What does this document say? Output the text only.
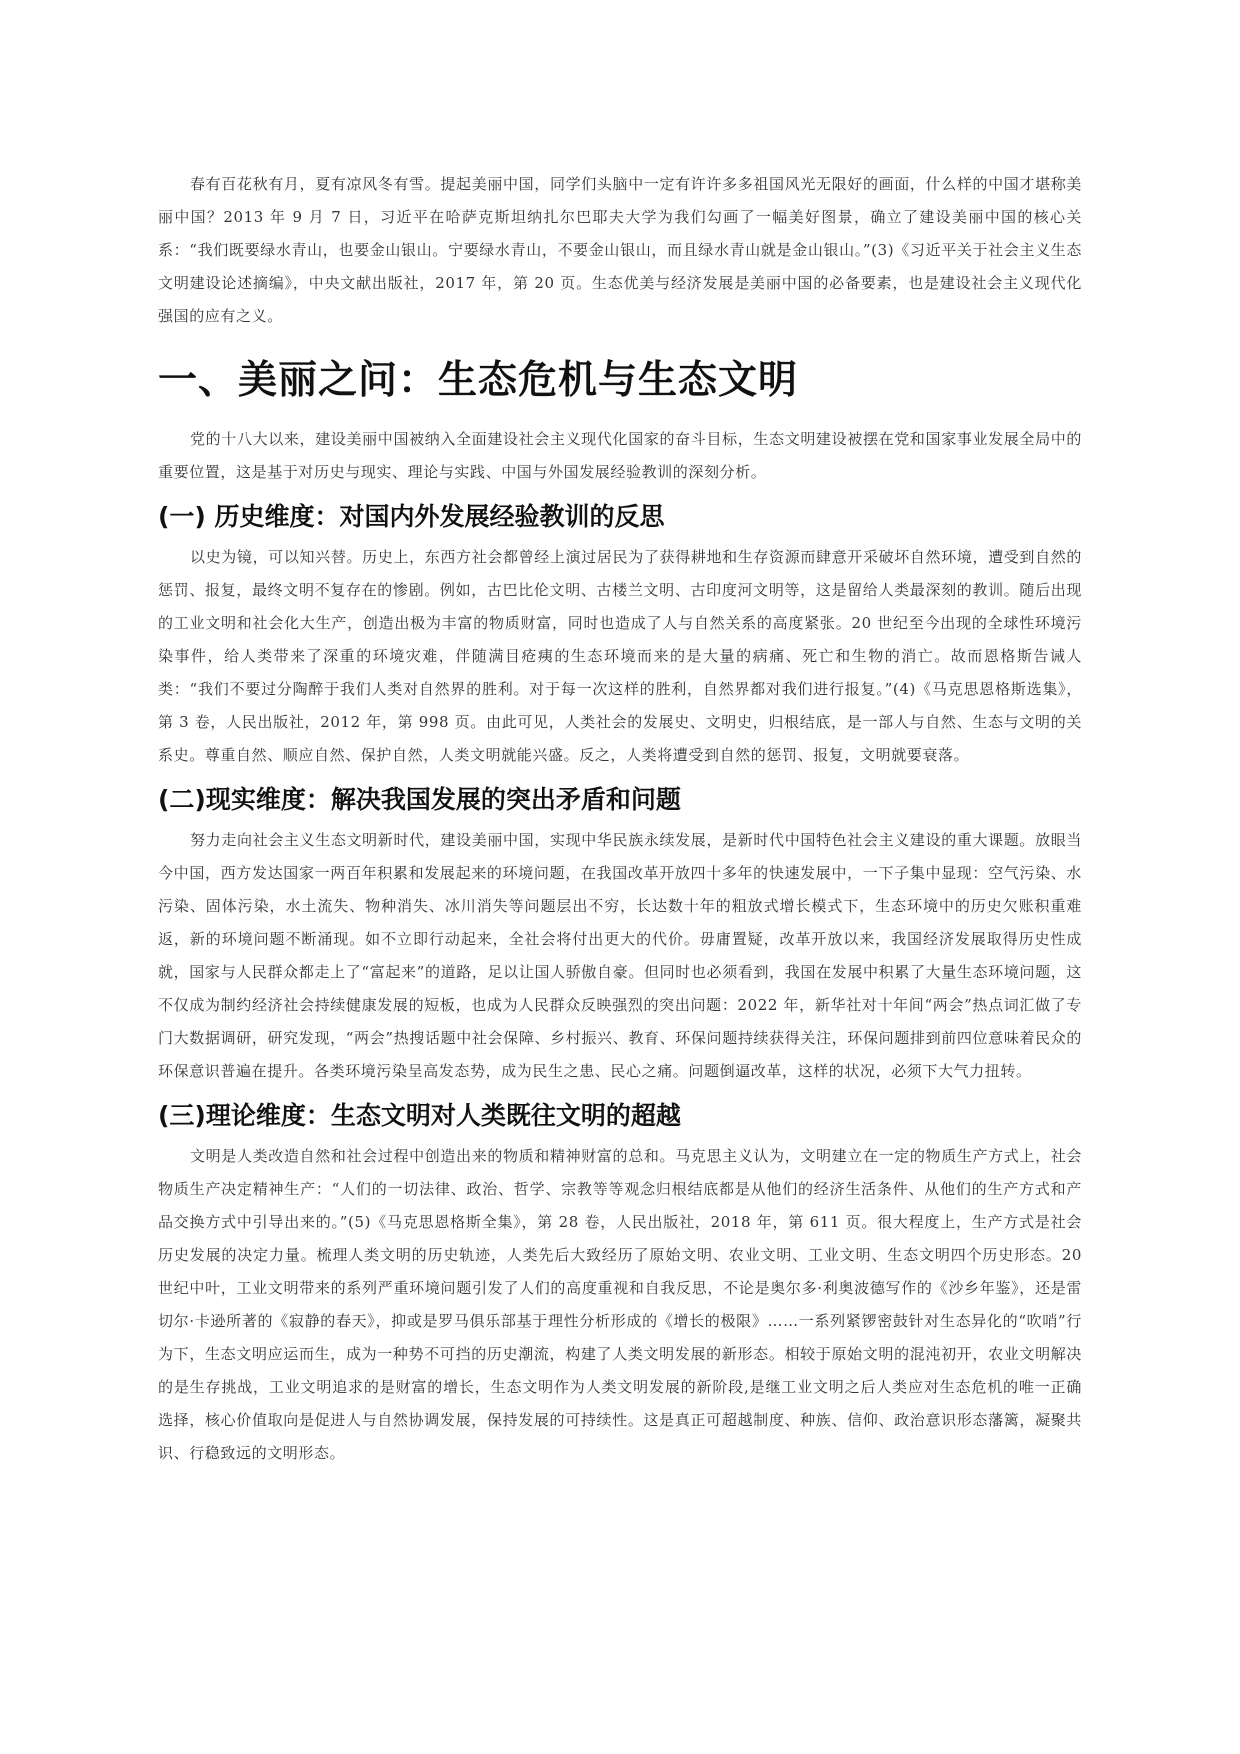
春有百花秋有月，夏有凉风冬有雪。提起美丽中国，同学们头脑中一定有许许多多祖国风光无限好的画面，什么样的中国才堪称美丽中国？2013 年 9 月 7 日，习近平在哈萨克斯坦纳扎尔巴耶夫大学为我们勾画了一幅美好图景，确立了建设美丽中国的核心关系：“我们既要绿水青山，也要金山银山。宁要绿水青山，不要金山银山，而且绿水青山就是金山银山。”(3)《习近平关于社会主义生态文明建设论述摘编》，中央文献出版社，2017 年，第 20 页。生态优美与经济发展是美丽中国的必备要素，也是建设社会主义现代化强国的应有之义。

一、美丽之问：生态危机与生态文明

党的十八大以来，建设美丽中国被纳入全面建设社会主义现代化国家的奋斗目标，生态文明建设被摆在党和国家事业发展全局中的重要位置，这是基于对历史与现实、理论与实践、中国与外国发展经验教训的深刻分析。

(一) 历史维度：对国内外发展经验教训的反思

以史为镜，可以知兴替。历史上，东西方社会都曾经上演过居民为了获得耕地和生存资源而肆意开采破坏自然环境，遭受到自然的惩罚、报复，最终文明不复存在的惨剧。例如，古巴比伦文明、古楼兰文明、古印度河文明等，这是留给人类最深刻的教训。随后出现的工业文明和社会化大生产，创造出极为丰富的物质财富，同时也造成了人与自然关系的高度紧张。20 世纪至今出现的全球性环境污染事件，给人类带来了深重的环境灾难，伴随满目疮痍的生态环境而来的是大量的病痛、死亡和生物的消亡。故而恩格斯告诫人类：“我们不要过分陶醉于我们人类对自然界的胜利。对于每一次这样的胜利，自然界都对我们进行报复。”(4)《马克思恩格斯选集》，第 3 卷，人民出版社，2012 年，第 998 页。由此可见，人类社会的发展史、文明史，归根结底，是一部人与自然、生态与文明的关系史。尊重自然、顺应自然、保护自然，人类文明就能兴盛。反之，人类将遭受到自然的惩罚、报复，文明就要衰落。

(二)现实维度：解决我国发展的突出矛盾和问题

努力走向社会主义生态文明新时代，建设美丽中国，实现中华民族永续发展，是新时代中国特色社会主义建设的重大课题。放眼当今中国，西方发达国家一两百年积累和发展起来的环境问题，在我国改革开放四十多年的快速发展中，一下子集中显现：空气污染、水污染、固体污染，水土流失、物种消失、冰川消失等问题层出不穷，长达数十年的粗放式增长模式下，生态环境中的历史欠账积重难返，新的环境问题不断涌现。如不立即行动起来，全社会将付出更大的代价。毋庸置疑，改革开放以来，我国经济发展取得历史性成就，国家与人民群众都走上了“富起来”的道路，足以让国人骄傲自豪。但同时也必须看到，我国在发展中积累了大量生态环境问题，这不仅成为制约经济社会持续健康发展的短板，也成为人民群众反映强烈的突出问题：2022 年，新华社对十年间“两会”热点词汇做了专门大数据调研，研究发现，“两会”热搜话题中社会保障、乡村振兴、教育、环保问题持续获得关注，环保问题排到前四位意味着民众的环保意识普遍在提升。各类环境污染呈高发态势，成为民生之患、民心之痛。问题倒逼改革，这样的状况，必须下大气力扭转。

(三)理论维度：生态文明对人类既往文明的超越

文明是人类改造自然和社会过程中创造出来的物质和精神财富的总和。马克思主义认为，文明建立在一定的物质生产方式上，社会物质生产决定精神生产：“人们的一切法律、政治、哲学、宗教等等观念归根结底都是从他们的经济生活条件、从他们的生产方式和产品交换方式中引导出来的。”(5)《马克思恩格斯全集》，第 28 卷，人民出版社，2018 年，第 611 页。很大程度上，生产方式是社会历史发展的决定力量。梳理人类文明的历史轨迹，人类先后大致经历了原始文明、农业文明、工业文明、生态文明四个历史形态。20 世纪中叶，工业文明带来的系列严重环境问题引发了人们的高度重视和自我反思，不论是奥尔多·利奥波德写作的《沙乡年鉴》，还是雷切尔·卡逊所著的《寂静的春天》，抑或是罗马俱乐部基于理性分析形成的《增长的极限》……一系列紧锣密鼓针对生态异化的“吹哨”行为下，生态文明应运而生，成为一种势不可挡的历史潮流，构建了人类文明发展的新形态。相较于原始文明的混沌初开，农业文明解决的是生存挑战，工业文明追求的是财富的增长，生态文明作为人类文明发展的新阶段,是继工业文明之后人类应对生态危机的唯一正确选择，核心价值取向是促进人与自然协调发展，保持发展的可持续性。这是真正可超越制度、种族、信仰、政治意识形态藩篱，凝聚共识、行稳致远的文明形态。
